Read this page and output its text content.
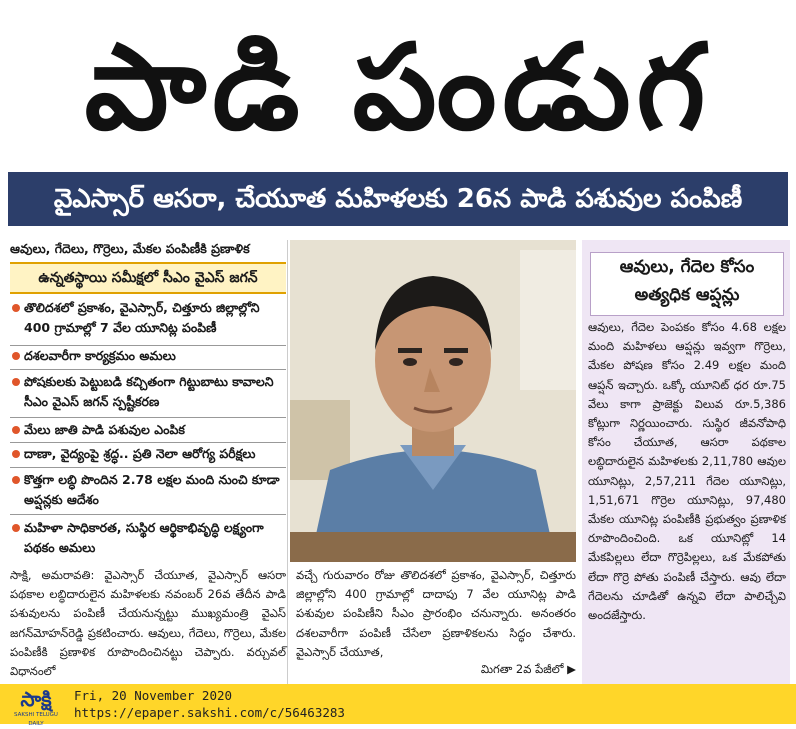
పాడి పండుగ
వైఎస్సార్ ఆసరా, చేయూత మహిళలకు 26న పాడి పశువుల పంపిణీ
ఆవులు, గేదెలు, గొర్రెలు, మేకల పంపిణీకి ప్రణాళిక
ఉన్నతస్థాయి సమీక్షలో సీఎం వైఎస్ జగన్
తొలిదశలో ప్రకాశం, వైఎస్సార్, చిత్తూరు జిల్లాల్లోని 400 గ్రామాల్లో 7 వేల యూనిట్ల పంపిణీ
దశలవారీగా కార్యక్రమం అమలు
పోషకులకు పెట్టుబడి కచ్చితంగా గిట్టుబాటు కావాలని సీఎం వైఎస్ జగన్ స్పష్టీకరణ
మేలు జాతి పాడి పశువుల ఎంపిక
దాణా, వైద్యంపై శ్రద్ధ.. ప్రతి నెలా ఆరోగ్య పరీక్షలు
కొత్తగా లబ్ధి పొందిన 2.78 లక్షల మంది నుంచి కూడా అప్షన్లకు ఆదేశం
మహిళా సాధికారత, సుస్థిర ఆర్థికాభివృద్ధి లక్ష్యంగా పథకం అమలు
ఆవులు, గేదెల కోసం అత్యధిక ఆప్షన్లు
ఆవులు, గేదెల పెంపకం కోసం 4.68 లక్షల మంది మహిళలు ఆప్షన్లు ఇవ్వగా గొర్రెలు, మేకల పోషణ కోసం 2.49 లక్షల మంది ఆప్షన్ ఇచ్చారు. ఒక్కో యూనిట్ ధర రూ.75 వేలు కాగా ప్రాజెక్టు విలువ రూ.5,386 కోట్లుగా నిర్ణయించారు. సుస్థిర జీవనోపాధి కోసం చేయూత, ఆసరా పథకాల లబ్ధిదారులైన మహిళలకు 2,11,780 ఆవుల యూనిట్లు, 2,57,211 గేదెల యూనిట్లు, 1,51,671 గొర్రెల యూనిట్లు, 97,480 మేకల యూనిట్ల పంపిణీకి ప్రభుత్వం ప్రణాళిక రూపొందించింది. ఒక యూనిట్లో 14 మేకపిల్లలు లేదా గొర్రెపిల్లలు, ఒక మేకపోతు లేదా గొర్రె పోతు పంపిణీ చేస్తారు. ఆవు లేదా గేదెలను చూడితో ఉన్నవి లేదా పాలిచ్చేవి అందజేస్తారు.
సాక్షి, అమరావతి: వైఎస్సార్ చేయూత, వైఎస్సార్ ఆసరా పథకాల లబ్ధిదారులైన మహిళలకు నవంబర్ 26వ తేదీన పాడి పశువులను పంపిణీ చేయనున్నట్టు ముఖ్యమంత్రి వైఎస్ జగన్‌మోహన్‌రెడ్డి ప్రకటించారు. ఆవులు, గేదెలు, గొర్రెలు, మేకల పంపిణీకి ప్రణాళిక రూపొందించినట్టు చెప్పారు. వర్చువల్ విధానంలో
వచ్చే గురువారం రోజు తొలిదశలో ప్రకాశం, వైఎస్సార్, చిత్తూరు జిల్లాల్లోని 400 గ్రామాల్లో దాదాపు 7 వేల యూనిట్ల పాడి పశువుల పంపిణీని సీఎం ప్రారంభిం చనున్నారు. అనంతరం దశలవారీగా పంపిణీ చేసేలా ప్రణాళికలను సిద్ధం చేశారు. వైఎస్సార్ చేయూత,
మిగతా 2వ పేజీలో ▶
సాక్షి
SAKSHI TELUGU DAILY
Fri, 20 November 2020
https://epaper.sakshi.com/c/56463283
